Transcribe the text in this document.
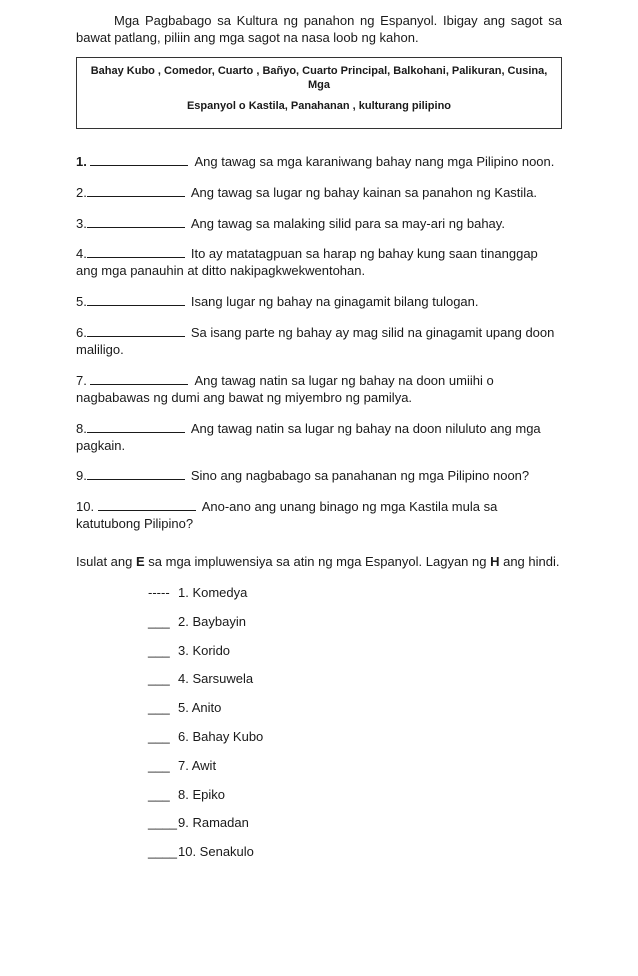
Mga Pagbabago sa Kultura ng panahon ng Espanyol. Ibigay ang sagot sa bawat patlang, piliin ang mga sagot na nasa loob ng kahon.

Bahay Kubo , Comedor, Cuarto , Bañyo, Cuarto Principal, Balkohani, Palikuran, Cusina, Mga
Espanyol o Kastila, Panahanan , kulturang pilipino
1.	Ang tawag sa mga karaniwang bahay nang mga Pilipino noon.
2.	Ang tawag sa lugar ng bahay kainan sa panahon ng Kastila.
3.	Ang tawag sa malaking silid para sa may-ari ng bahay.
4.	Ito ay matatagpuan sa harap ng bahay kung saan tinanggap ang mga panauhin at ditto nakipagkwekwentohan.
5.	Isang lugar ng bahay na ginagamit bilang tulogan.
6.	Sa isang parte ng bahay ay mag silid na ginagamit upang doon maliligo.
7.	Ang tawag natin sa lugar ng bahay na doon umiihi o nagbabawas ng dumi ang bawat ng miyembro ng pamilya.
8.	Ang tawag natin sa lugar ng bahay na doon niluluto ang mga pagkain.
9.	Sino ang nagbabago sa panahanan ng mga Pilipino noon?
10.	Ano-ano ang unang binago ng mga Kastila mula sa katutubong Pilipino?
Isulat ang E sa mga impluwensiya sa atin ng mga Espanyol. Lagyan ng H ang hindi.
----- 1. Komedya
___ 2. Baybayin
___ 3. Korido
___ 4. Sarsuwela
___ 5. Anito
___ 6. Bahay Kubo
___ 7. Awit
___ 8. Epiko
____ 9. Ramadan
____ 10. Senakulo
